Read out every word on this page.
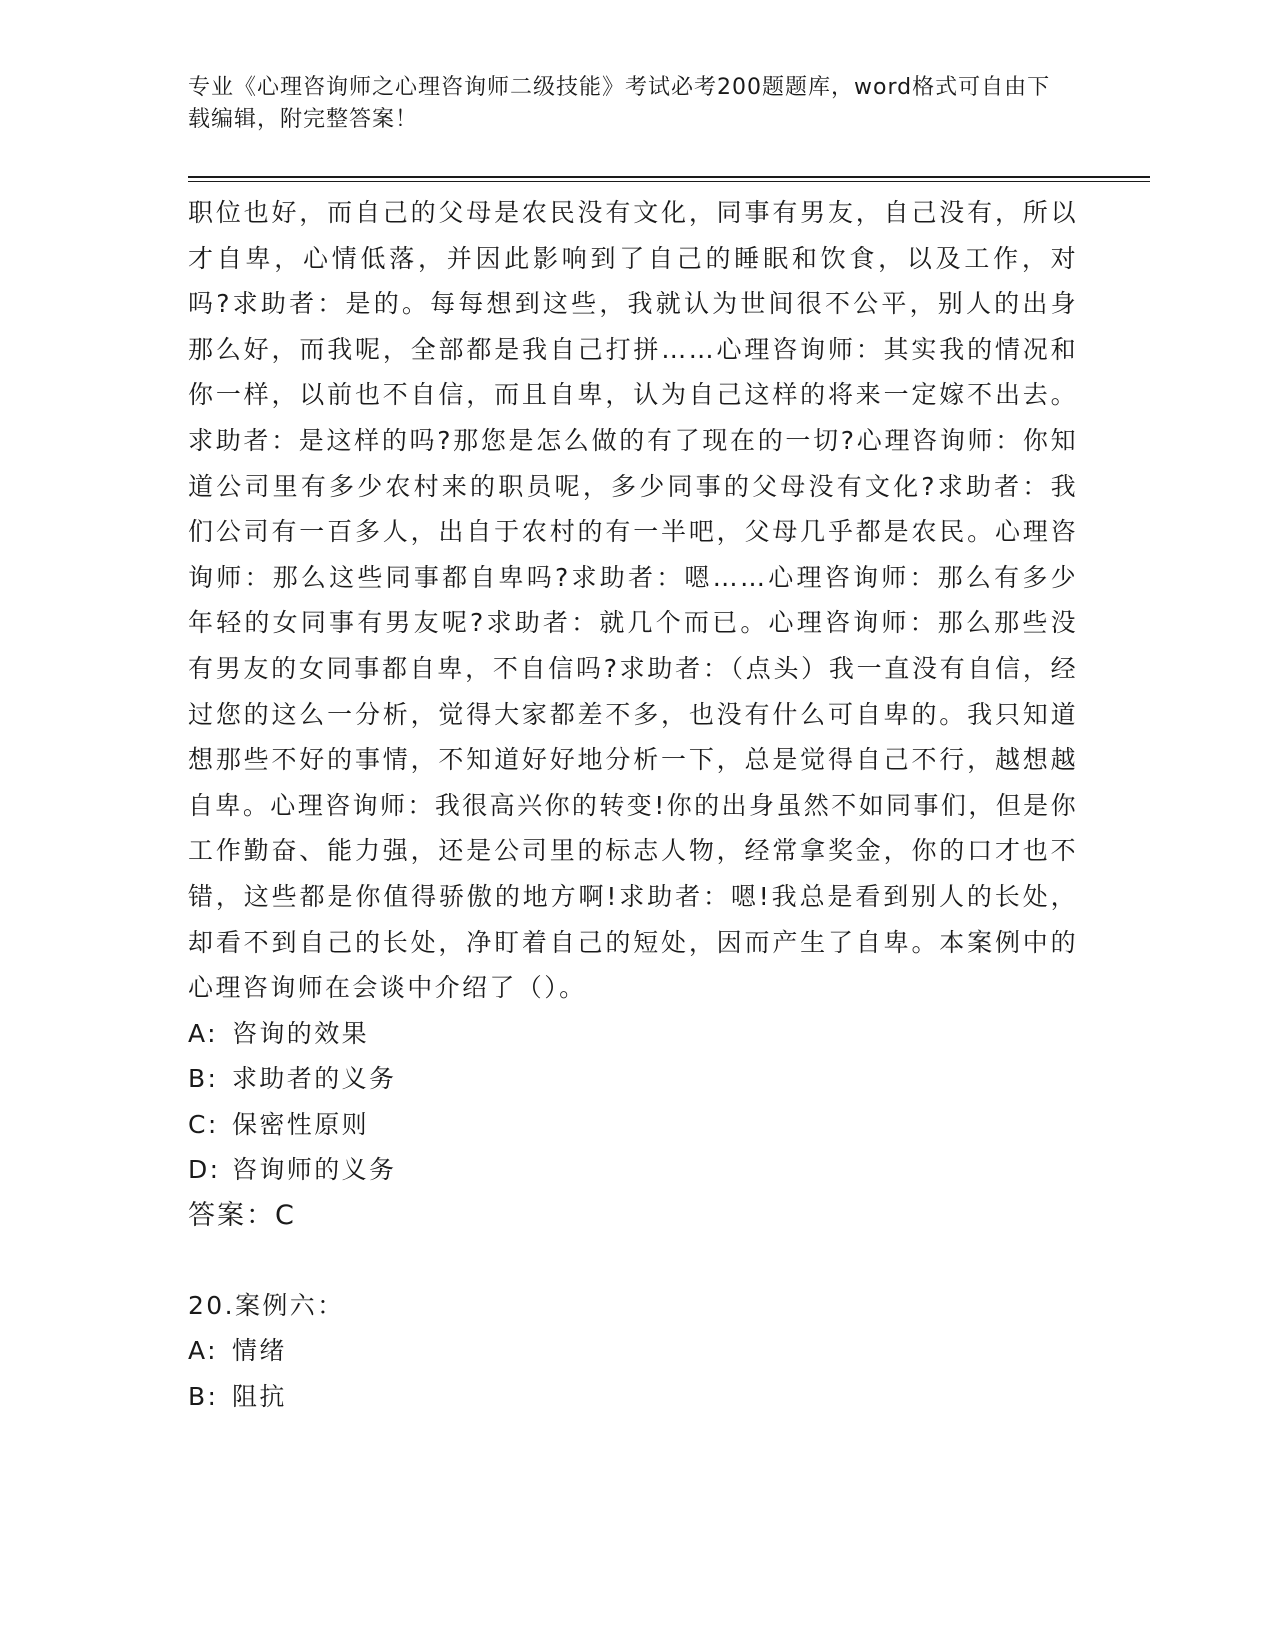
专业《心理咨询师之心理咨询师二级技能》考试必考200题题库，word格式可自由下载编辑，附完整答案！

职位也好，而自己的父母是农民没有文化，同事有男友，自己没有，所以才自卑，心情低落，并因此影响到了自己的睡眠和饮食，以及工作，对吗?求助者：是的。每每想到这些，我就认为世间很不公平，别人的出身那么好，而我呢，全部都是我自己打拼……心理咨询师：其实我的情况和你一样，以前也不自信，而且自卑，认为自己这样的将来一定嫁不出去。求助者：是这样的吗?那您是怎么做的有了现在的一切?心理咨询师：你知道公司里有多少农村来的职员呢，多少同事的父母没有文化?求助者：我们公司有一百多人，出自于农村的有一半吧，父母几乎都是农民。心理咨询师：那么这些同事都自卑吗?求助者：嗯……心理咨询师：那么有多少年轻的女同事有男友呢?求助者：就几个而已。心理咨询师：那么那些没有男友的女同事都自卑，不自信吗?求助者：（点头）我一直没有自信，经过您的这么一分析，觉得大家都差不多，也没有什么可自卑的。我只知道想那些不好的事情，不知道好好地分析一下，总是觉得自己不行，越想越自卑。心理咨询师：我很高兴你的转变!你的出身虽然不如同事们，但是你工作勤奋、能力强，还是公司里的标志人物，经常拿奖金，你的口才也不错，这些都是你值得骄傲的地方啊!求助者：嗯!我总是看到别人的长处，却看不到自己的长处，净盯着自己的短处，因而产生了自卑。本案例中的心理咨询师在会谈中介绍了（）。

A: 咨询的效果

B: 求助者的义务

C: 保密性原则

D: 咨询师的义务

答案：C

20.案例六：

A: 情绪

B: 阻抗
